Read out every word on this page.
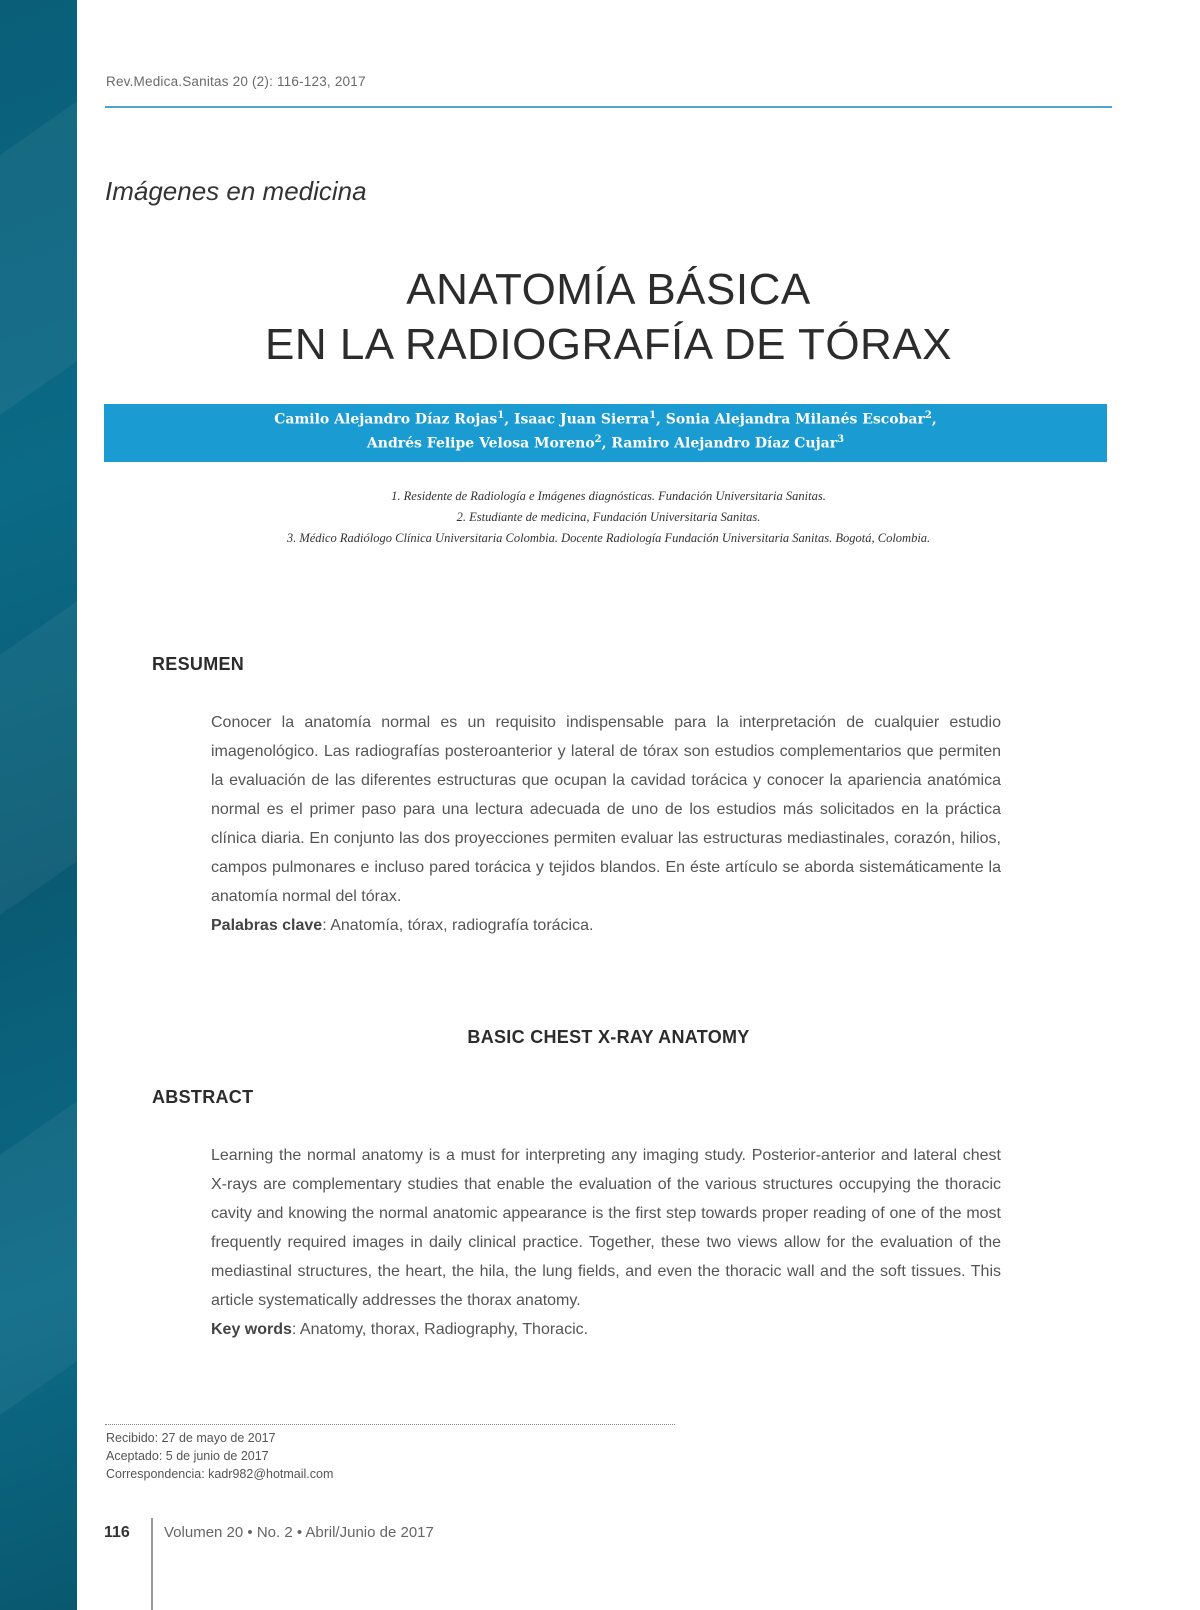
Rev.Medica.Sanitas 20 (2): 116-123, 2017
Imágenes en medicina
ANATOMÍA BÁSICA
EN LA RADIOGRAFÍA DE TÓRAX
Camilo Alejandro Díaz Rojas$^1$, Isaac Juan Sierra$^1$, Sonia Alejandra Milanés Escobar$^2$,
Andrés Felipe Velosa Moreno$^2$, Ramiro Alejandro Díaz Cujar$^3$
1. Residente de Radiología e Imágenes diagnósticas. Fundación Universitaria Sanitas.
2. Estudiante de medicina, Fundación Universitaria Sanitas.
3. Médico Radiólogo Clínica Universitaria Colombia. Docente Radiología Fundación Universitaria Sanitas. Bogotá, Colombia.
RESUMEN
Conocer la anatomía normal es un requisito indispensable para la interpretación de cualquier estudio imagenológico. Las radiografías posteroanterior y lateral de tórax son estudios complementarios que permiten la evaluación de las diferentes estructuras que ocupan la cavidad torácica y conocer la apariencia anatómica normal es el primer paso para una lectura adecuada de uno de los estudios más solicitados en la práctica clínica diaria. En conjunto las dos proyecciones permiten evaluar las estructuras mediastinales, corazón, hilios, campos pulmonares e incluso pared torácica y tejidos blandos. En éste artículo se aborda sistemáticamente la anatomía normal del tórax.
Palabras clave: Anatomía, tórax, radiografía torácica.
BASIC CHEST X-RAY ANATOMY
ABSTRACT
Learning the normal anatomy is a must for interpreting any imaging study. Posterior-anterior and lateral chest X-rays are complementary studies that enable the evaluation of the various structures occupying the thoracic cavity and knowing the normal anatomic appearance is the first step towards proper reading of one of the most frequently required images in daily clinical practice. Together, these two views allow for the evaluation of the mediastinal structures, the heart, the hila, the lung fields, and even the thoracic wall and the soft tissues. This article systematically addresses the thorax anatomy.
Key words: Anatomy, thorax, Radiography, Thoracic.
Recibido: 27 de mayo de 2017
Aceptado: 5 de junio de 2017
Correspondencia: kadr982@hotmail.com
116 Volumen 20 • No. 2 • Abril/Junio de 2017
